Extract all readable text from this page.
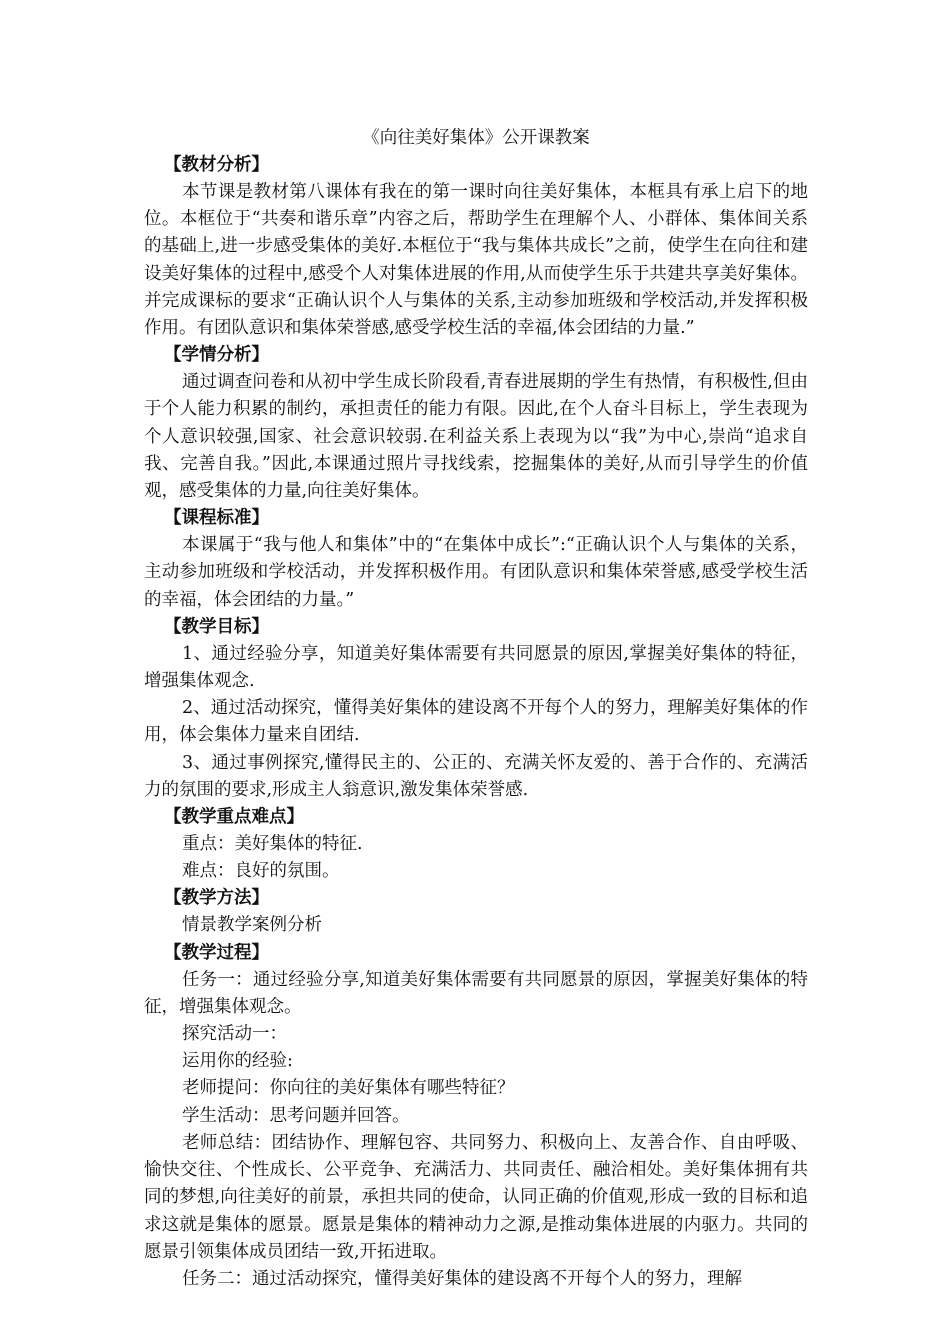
《向往美好集体》公开课教案

【教材分析】

本节课是教材第八课体有我在的第一课时向往美好集体，本框具有承上启下的地位。本框位于“共奏和谐乐章”内容之后，帮助学生在理解个人、小群体、集体间关系的基础上,进一步感受集体的美好.本框位于“我与集体共成长”之前，使学生在向往和建设美好集体的过程中,感受个人对集体进展的作用,从而使学生乐于共建共享美好集体。并完成课标的要求“正确认识个人与集体的关系,主动参加班级和学校活动,并发挥积极作用。有团队意识和集体荣誉感,感受学校生活的幸福,体会团结的力量.”

【学情分析】

通过调查问卷和从初中学生成长阶段看,青春进展期的学生有热情，有积极性,但由于个人能力积累的制约，承担责任的能力有限。因此,在个人奋斗目标上，学生表现为个人意识较强,国家、社会意识较弱.在利益关系上表现为以“我”为中心,崇尚“追求自我、完善自我。”因此,本课通过照片寻找线索，挖掘集体的美好,从而引导学生的价值观，感受集体的力量,向往美好集体。

【课程标准】

本课属于“我与他人和集体”中的“在集体中成长”:“正确认识个人与集体的关系，主动参加班级和学校活动，并发挥积极作用。有团队意识和集体荣誉感,感受学校生活的幸福，体会团结的力量。”

【教学目标】

1、通过经验分享，知道美好集体需要有共同愿景的原因,掌握美好集体的特征，增强集体观念.

2、通过活动探究，懂得美好集体的建设离不开每个人的努力，理解美好集体的作用，体会集体力量来自团结.

3、通过事例探究,懂得民主的、公正的、充满关怀友爱的、善于合作的、充满活力的氛围的要求,形成主人翁意识,激发集体荣誉感.

【教学重点难点】

重点：美好集体的特征.

难点：良好的氛围。

【教学方法】

情景教学案例分析

【教学过程】

任务一：通过经验分享,知道美好集体需要有共同愿景的原因，掌握美好集体的特征，增强集体观念。

探究活动一：

运用你的经验:

老师提问：你向往的美好集体有哪些特征？

学生活动：思考问题并回答。

老师总结：团结协作、理解包容、共同努力、积极向上、友善合作、自由呼吸、愉快交往、个性成长、公平竞争、充满活力、共同责任、融洽相处。美好集体拥有共同的梦想,向往美好的前景，承担共同的使命，认同正确的价值观,形成一致的目标和追求这就是集体的愿景。愿景是集体的精神动力之源,是推动集体进展的内驱力。共同的愿景引领集体成员团结一致,开拓进取。

任务二：通过活动探究，懂得美好集体的建设离不开每个人的努力，理解
